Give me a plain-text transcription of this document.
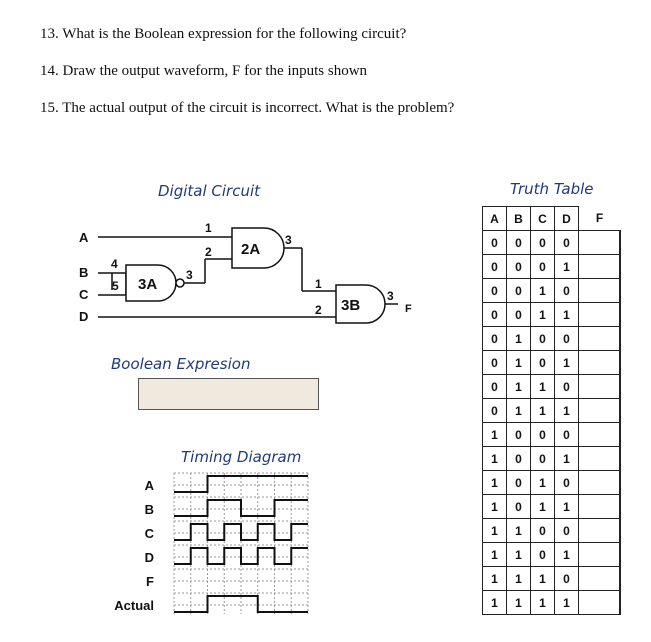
13. What is the Boolean expression for the following circuit?
14. Draw the output waveform, F for the inputs shown
15. The actual output of the circuit is incorrect. What is the problem?
Digital Circuit	Truth Table
Boolean Expresion
Timing Diagram
A
B
C
D
2A
3A
3B
1
2
3
4
5
3
1
2
3
F
A
B
C
D
F
Actual
A	B	C	D	F
0	0	0	0	
0	0	0	1	
0	0	1	0	
0	0	1	1	
0	1	0	0	
0	1	0	1	
0	1	1	0	
0	1	1	1	
1	0	0	0	
1	0	0	1	
1	0	1	0	
1	0	1	1	
1	1	0	0	
1	1	0	1	
1	1	1	0	
1	1	1	1	
